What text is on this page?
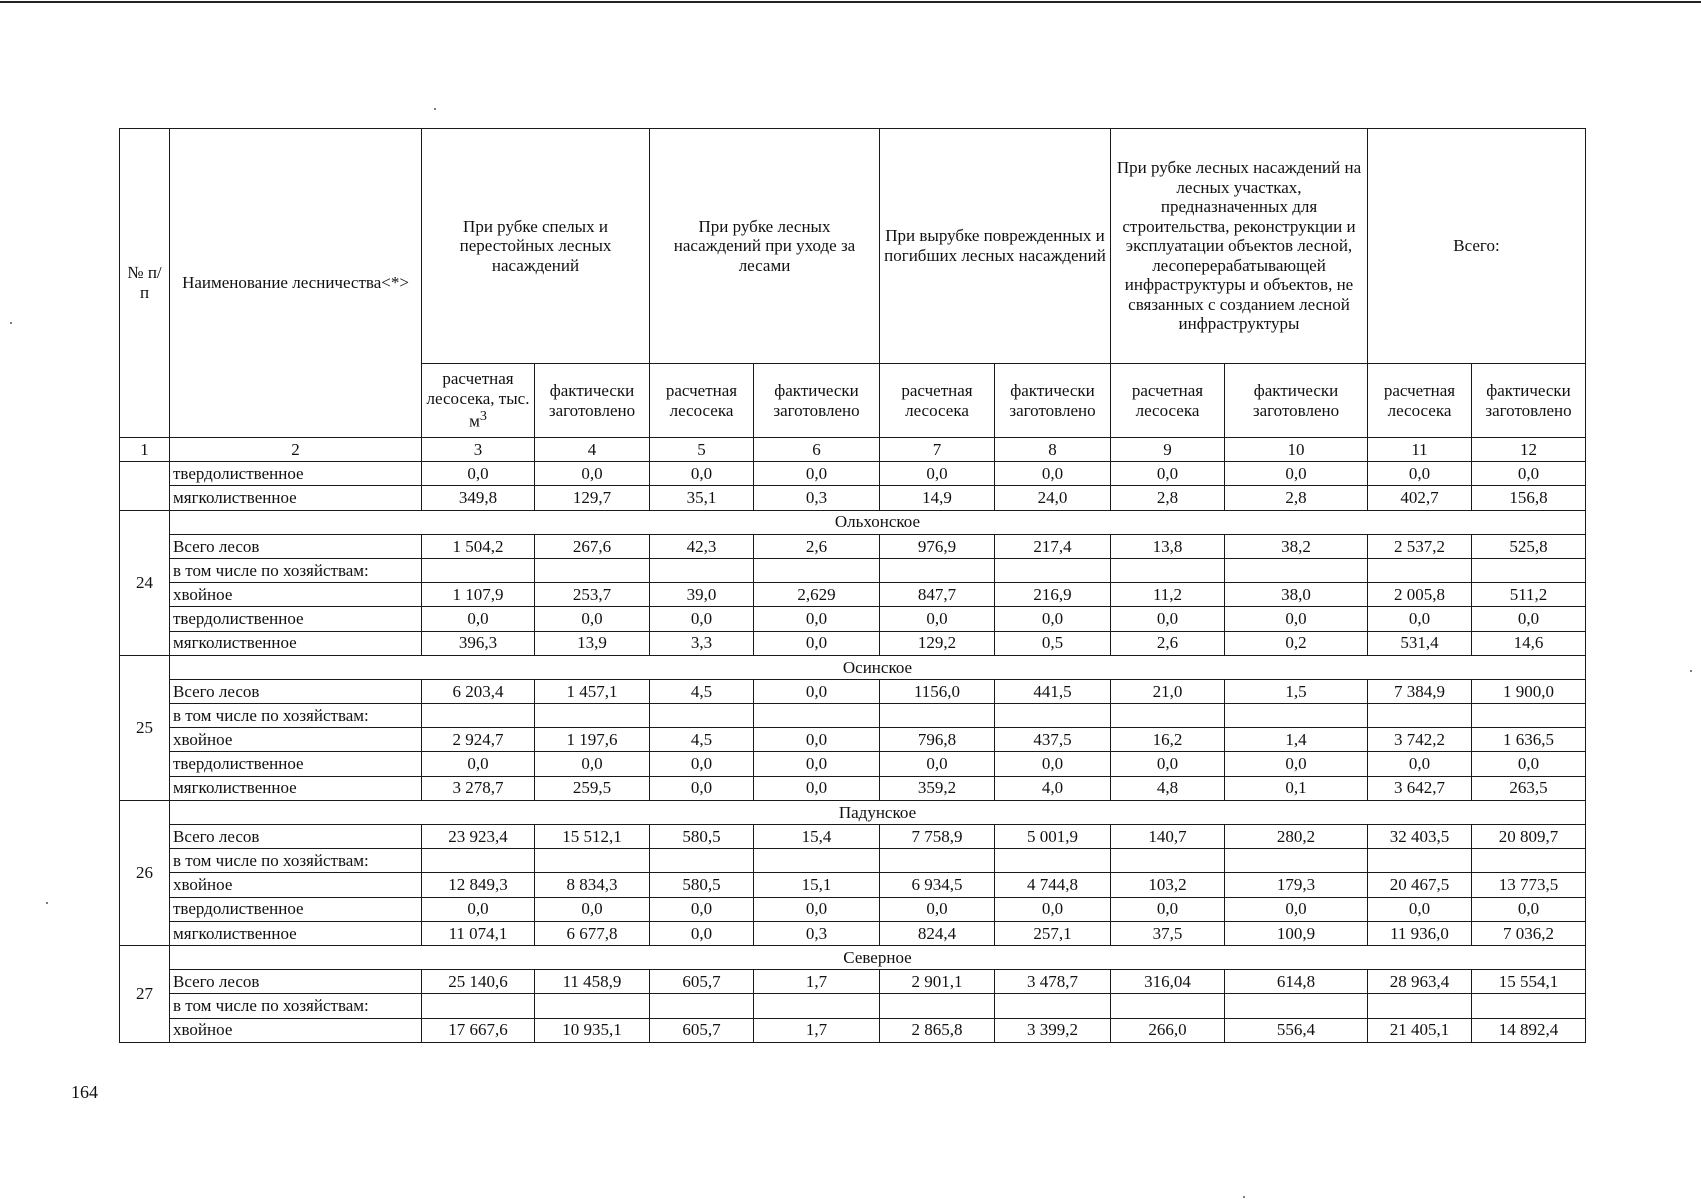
№ п/п	Наименование лесничества<*>	При рубке спелых и перестойных лесных насаждений		При рубке лесных насаждений при уходе за лесами		При вырубке поврежденных и погибших лесных насаждений		При рубке лесных насаждений на лесных участках, предназначенных для строительства, реконструкции и эксплуатации объектов лесной, лесоперерабатывающей инфраструктуры и объектов, не связанных с созданием лесной инфраструктуры		Всего:	
		расчетная лесосека, тыс. $м^3$	фактически заготовлено	расчетная лесосека	фактически заготовлено	расчетная лесосека	фактически заготовлено	расчетная лесосека	фактически заготовлено	расчетная лесосека	фактически заготовлено
1	2	3	4	5	6	7	8	9	10	11	12
	твердолиственное	0,0	0,0	0,0	0,0	0,0	0,0	0,0	0,0	0,0	0,0
	мягколиственное	349,8	129,7	35,1	0,3	14,9	24,0	2,8	2,8	402,7	156,8
24	Ольхонское										
	Всего лесов	1 504,2	267,6	42,3	2,6	976,9	217,4	13,8	38,2	2 537,2	525,8
	в том числе по хозяйствам:										
	хвойное	1 107,9	253,7	39,0	2,629	847,7	216,9	11,2	38,0	2 005,8	511,2
	твердолиственное	0,0	0,0	0,0	0,0	0,0	0,0	0,0	0,0	0,0	0,0
	мягколиственное	396,3	13,9	3,3	0,0	129,2	0,5	2,6	0,2	531,4	14,6
25	Осинское										
	Всего лесов	6 203,4	1 457,1	4,5	0,0	1156,0	441,5	21,0	1,5	7 384,9	1 900,0
	в том числе по хозяйствам:										
	хвойное	2 924,7	1 197,6	4,5	0,0	796,8	437,5	16,2	1,4	3 742,2	1 636,5
	твердолиственное	0,0	0,0	0,0	0,0	0,0	0,0	0,0	0,0	0,0	0,0
	мягколиственное	3 278,7	259,5	0,0	0,0	359,2	4,0	4,8	0,1	3 642,7	263,5
26	Падунское										
	Всего лесов	23 923,4	15 512,1	580,5	15,4	7 758,9	5 001,9	140,7	280,2	32 403,5	20 809,7
	в том числе по хозяйствам:										
	хвойное	12 849,3	8 834,3	580,5	15,1	6 934,5	4 744,8	103,2	179,3	20 467,5	13 773,5
	твердолиственное	0,0	0,0	0,0	0,0	0,0	0,0	0,0	0,0	0,0	0,0
	мягколиственное	11 074,1	6 677,8	0,0	0,3	824,4	257,1	37,5	100,9	11 936,0	7 036,2
27	Северное										
	Всего лесов	25 140,6	11 458,9	605,7	1,7	2 901,1	3 478,7	316,04	614,8	28 963,4	15 554,1
	в том числе по хозяйствам:										
	хвойное	17 667,6	10 935,1	605,7	1,7	2 865,8	3 399,2	266,0	556,4	21 405,1	14 892,4
164
